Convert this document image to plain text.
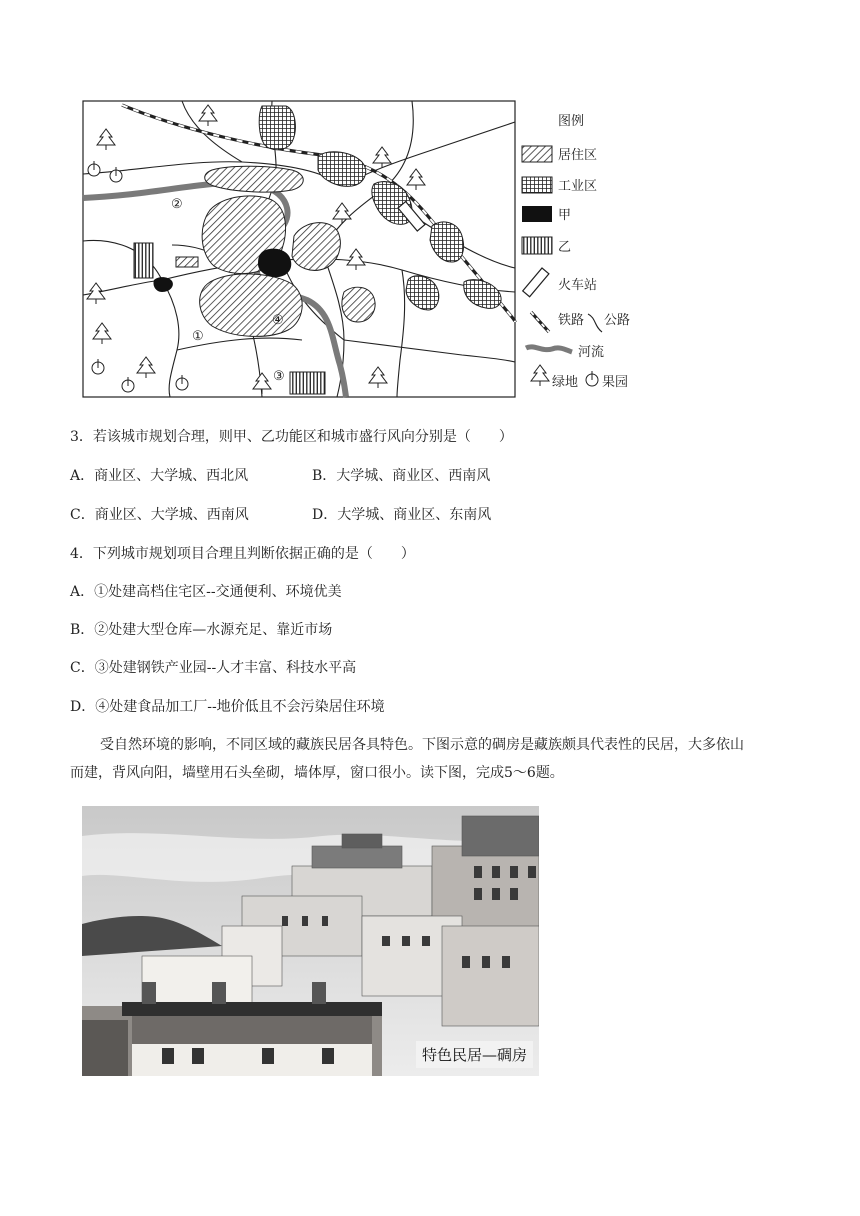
②
①
③
④
图例
居住区
工业区
甲
乙
火车站
铁路 公路
河流
绿地 果园
3．若该城市规划合理，则甲、乙功能区和城市盛行风向分别是（　　）
A．商业区、大学城、西北风	B．大学城、商业区、西南风
C．商业区、大学城、西南风	D．大学城、商业区、东南风
4．下列城市规划项目合理且判断依据正确的是（　　）
A．①处建高档住宅区--交通便利、环境优美
B．②处建大型仓库—水源充足、靠近市场
C．③处建钢铁产业园--人才丰富、科技水平高
D．④处建食品加工厂--地价低且不会污染居住环境
受自然环境的影响，不同区域的藏族民居各具特色。下图示意的碉房是藏族颇具代表性的民居，大多依山
而建，背风向阳，墙壁用石头垒砌，墙体厚，窗口很小。读下图，完成5～6题。
特色民居—碉房
